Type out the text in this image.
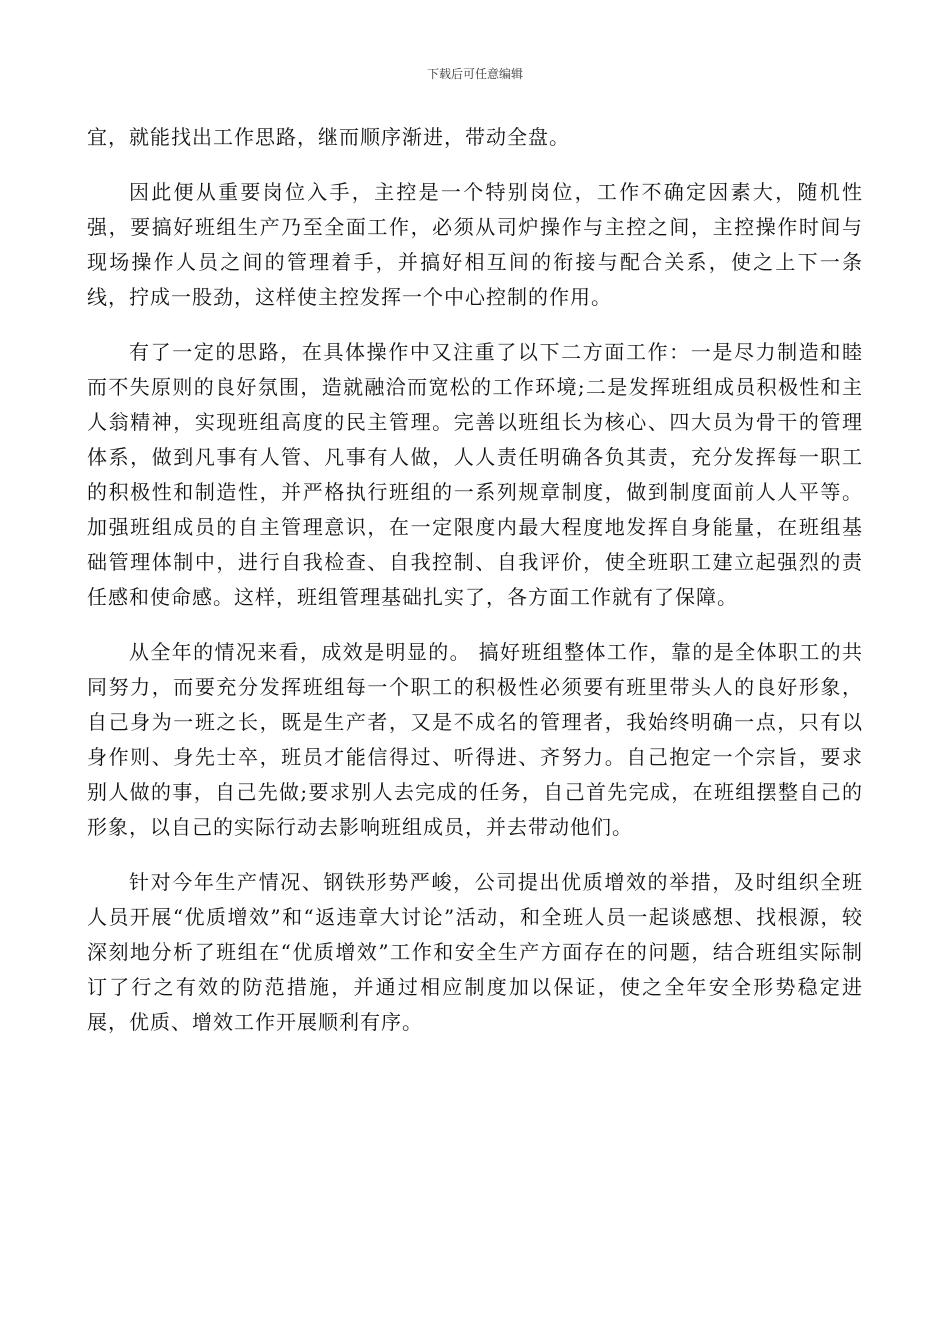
下载后可任意编辑

宜，就能找出工作思路，继而顺序渐进，带动全盘。

因此便从重要岗位入手，主控是一个特别岗位，工作不确定因素大，随机性强，要搞好班组生产乃至全面工作，必须从司炉操作与主控之间，主控操作时间与现场操作人员之间的管理着手，并搞好相互间的衔接与配合关系，使之上下一条线，拧成一股劲，这样使主控发挥一个中心控制的作用。

有了一定的思路，在具体操作中又注重了以下二方面工作：一是尽力制造和睦而不失原则的良好氛围，造就融洽而宽松的工作环境;二是发挥班组成员积极性和主人翁精神，实现班组高度的民主管理。完善以班组长为核心、四大员为骨干的管理体系，做到凡事有人管、凡事有人做，人人责任明确各负其责，充分发挥每一职工的积极性和制造性，并严格执行班组的一系列规章制度，做到制度面前人人平等。加强班组成员的自主管理意识，在一定限度内最大程度地发挥自身能量，在班组基础管理体制中，进行自我检查、自我控制、自我评价，使全班职工建立起强烈的责任感和使命感。这样，班组管理基础扎实了，各方面工作就有了保障。

从全年的情况来看，成效是明显的。 搞好班组整体工作，靠的是全体职工的共同努力，而要充分发挥班组每一个职工的积极性必须要有班里带头人的良好形象，自己身为一班之长，既是生产者，又是不成名的管理者，我始终明确一点，只有以身作则、身先士卒，班员才能信得过、听得进、齐努力。自己抱定一个宗旨，要求别人做的事，自己先做;要求别人去完成的任务，自己首先完成，在班组摆整自己的形象，以自己的实际行动去影响班组成员，并去带动他们。

针对今年生产情况、钢铁形势严峻，公司提出优质增效的举措，及时组织全班人员开展“优质增效”和“返违章大讨论”活动，和全班人员一起谈感想、找根源，较深刻地分析了班组在“优质增效”工作和安全生产方面存在的问题，结合班组实际制订了行之有效的防范措施，并通过相应制度加以保证，使之全年安全形势稳定进展，优质、增效工作开展顺利有序。
